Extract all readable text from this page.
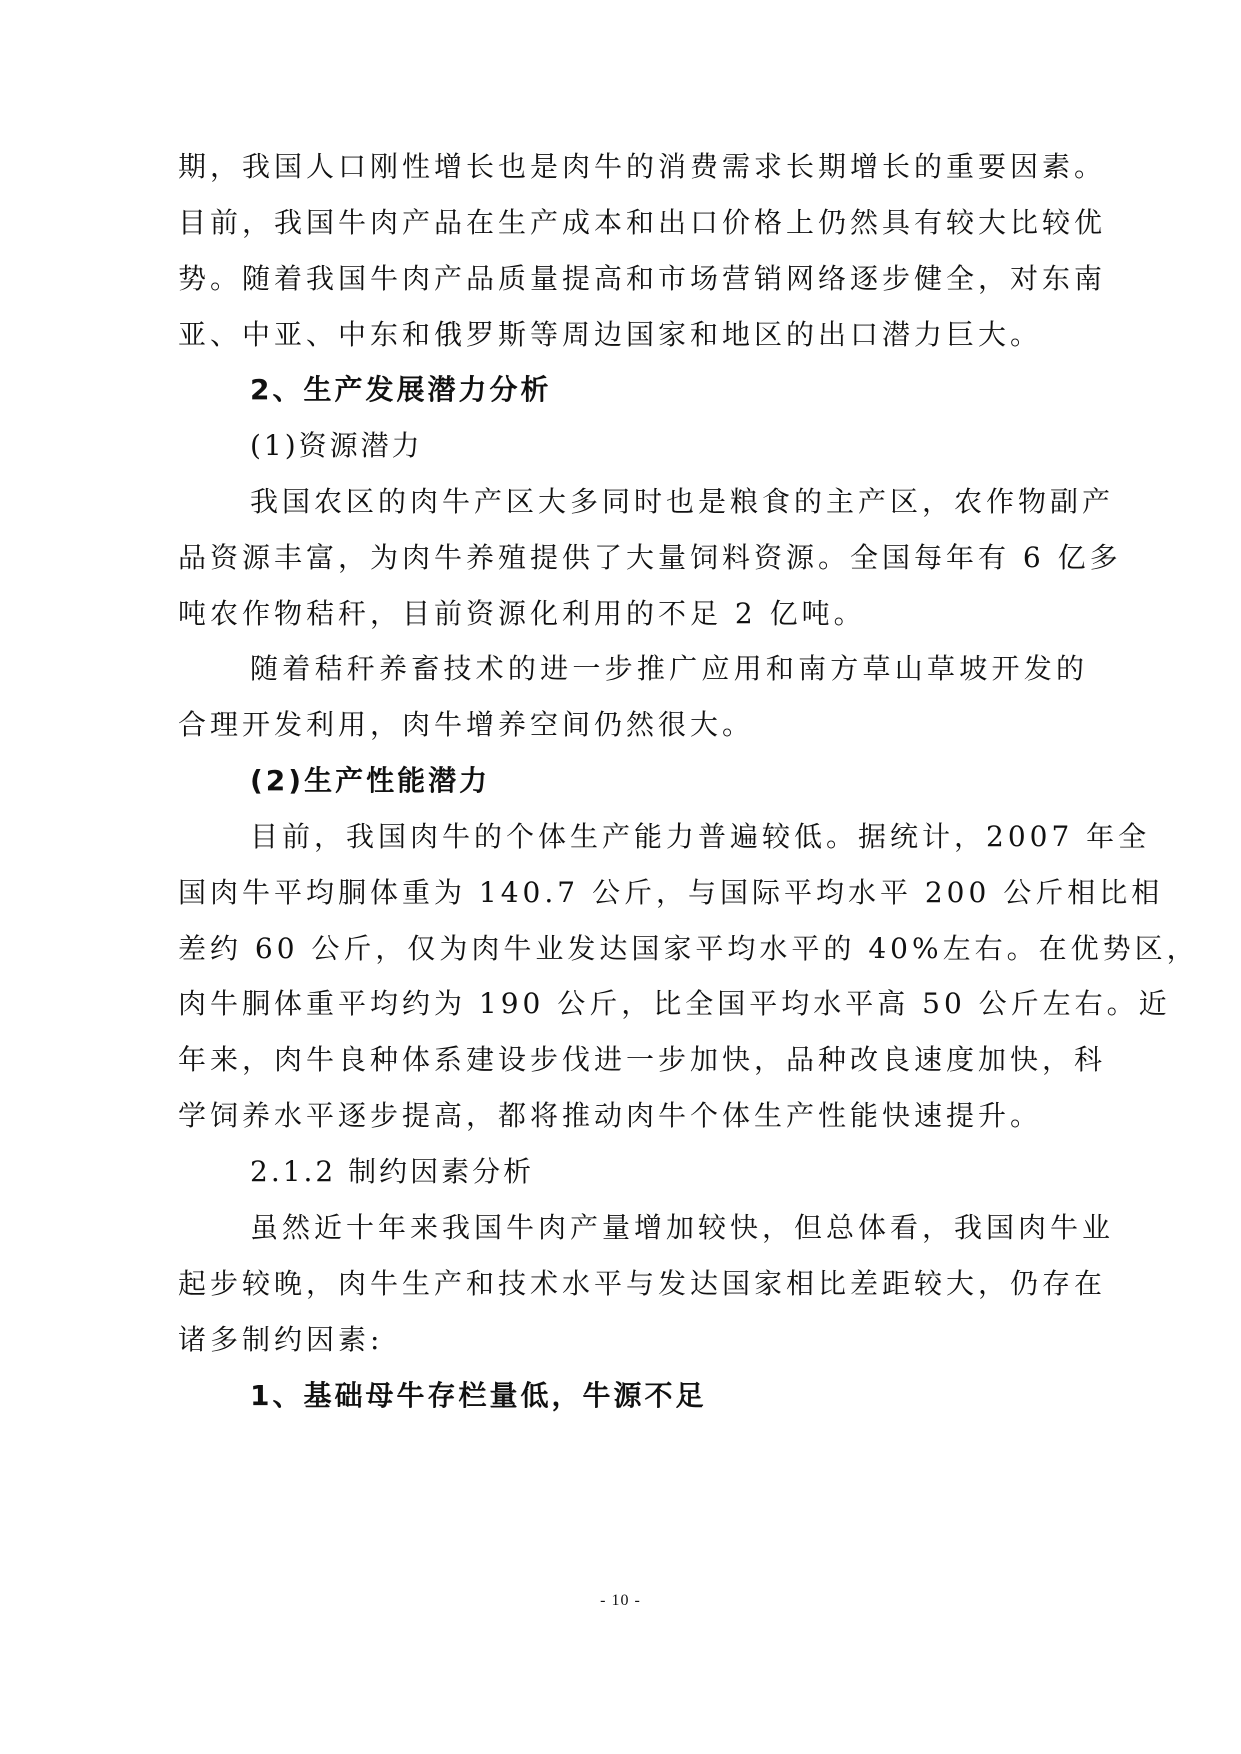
期，我国人口刚性增长也是肉牛的消费需求长期增长的重要因素。
目前，我国牛肉产品在生产成本和出口价格上仍然具有较大比较优
势。随着我国牛肉产品质量提高和市场营销网络逐步健全，对东南
亚、中亚、中东和俄罗斯等周边国家和地区的出口潜力巨大。
2、生产发展潜力分析
(1)资源潜力
我国农区的肉牛产区大多同时也是粮食的主产区，农作物副产
品资源丰富，为肉牛养殖提供了大量饲料资源。全国每年有 6 亿多
吨农作物秸秆，目前资源化利用的不足 2 亿吨。
随着秸秆养畜技术的进一步推广应用和南方草山草坡开发的
合理开发利用，肉牛增养空间仍然很大。
(2)生产性能潜力
目前，我国肉牛的个体生产能力普遍较低。据统计，2007 年全
国肉牛平均胴体重为 140.7 公斤，与国际平均水平 200 公斤相比相
差约 60 公斤，仅为肉牛业发达国家平均水平的 40%左右。在优势区，
肉牛胴体重平均约为 190 公斤，比全国平均水平高 50 公斤左右。近
年来，肉牛良种体系建设步伐进一步加快，品种改良速度加快，科
学饲养水平逐步提高，都将推动肉牛个体生产性能快速提升。
2.1.2 制约因素分析
虽然近十年来我国牛肉产量增加较快，但总体看，我国肉牛业
起步较晚，肉牛生产和技术水平与发达国家相比差距较大，仍存在
诸多制约因素:
1、基础母牛存栏量低，牛源不足
- 10 -
